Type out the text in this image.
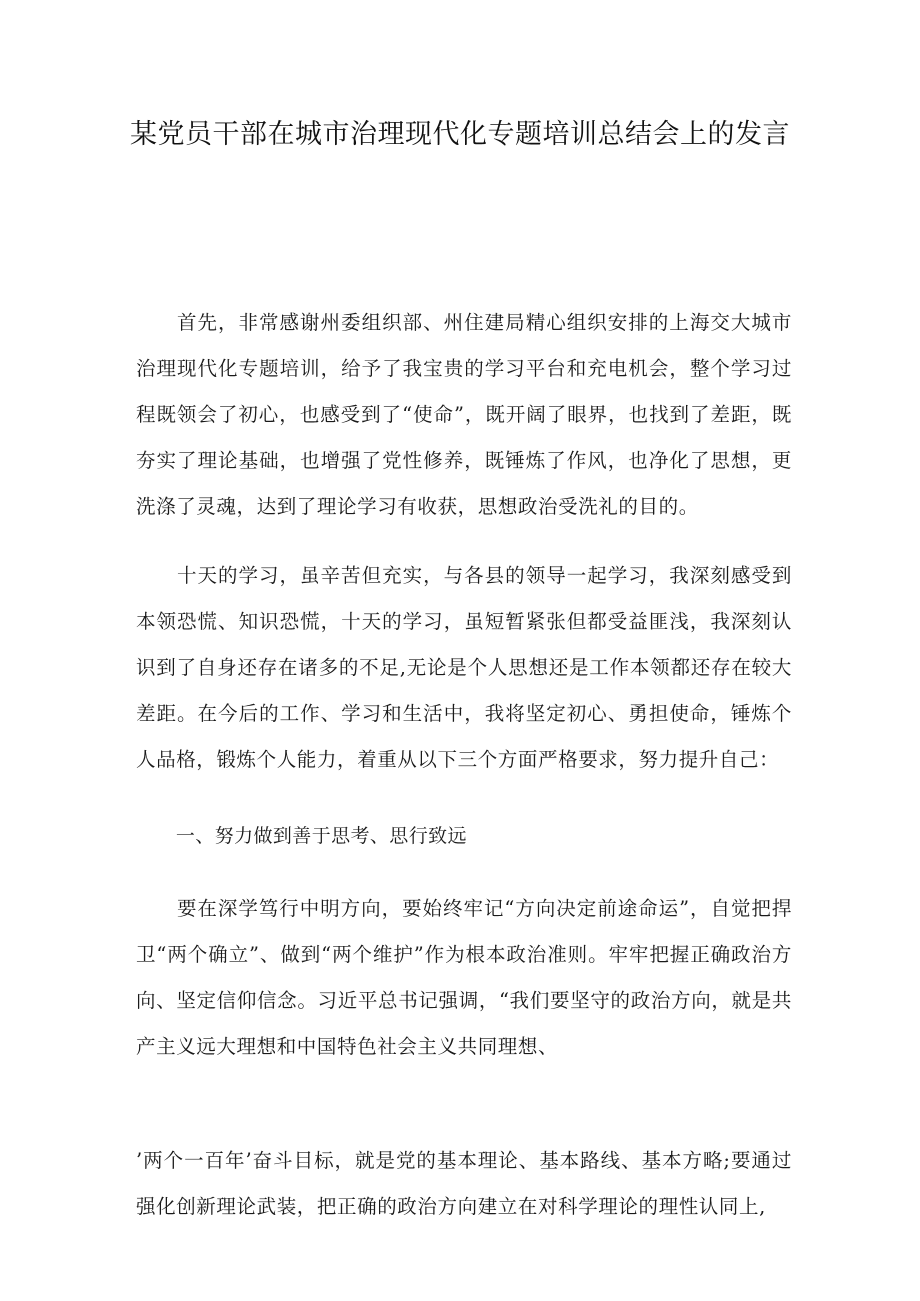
某党员干部在城市治理现代化专题培训总结会上的发言

首先，非常感谢州委组织部、州住建局精心组织安排的上海交大城市治理现代化专题培训，给予了我宝贵的学习平台和充电机会，整个学习过程既领会了初心，也感受到了“使命”，既开阔了眼界，也找到了差距，既夯实了理论基础，也增强了党性修养，既锤炼了作风，也净化了思想，更洗涤了灵魂，达到了理论学习有收获，思想政治受洗礼的目的。

十天的学习，虽辛苦但充实，与各县的领导一起学习，我深刻感受到本领恐慌、知识恐慌，十天的学习，虽短暂紧张但都受益匪浅，我深刻认识到了自身还存在诸多的不足,无论是个人思想还是工作本领都还存在较大差距。在今后的工作、学习和生活中，我将坚定初心、勇担使命，锤炼个人品格，锻炼个人能力，着重从以下三个方面严格要求，努力提升自己：

一、努力做到善于思考、思行致远

要在深学笃行中明方向，要始终牢记“方向决定前途命运”，自觉把捍卫“两个确立”、做到“两个维护”作为根本政治准则。牢牢把握正确政治方向、坚定信仰信念。习近平总书记强调，“我们要坚守的政治方向，就是共产主义远大理想和中国特色社会主义共同理想、

’两个一百年’奋斗目标，就是党的基本理论、基本路线、基本方略;要通过强化创新理论武装，把正确的政治方向建立在对科学理论的理性认同上,
